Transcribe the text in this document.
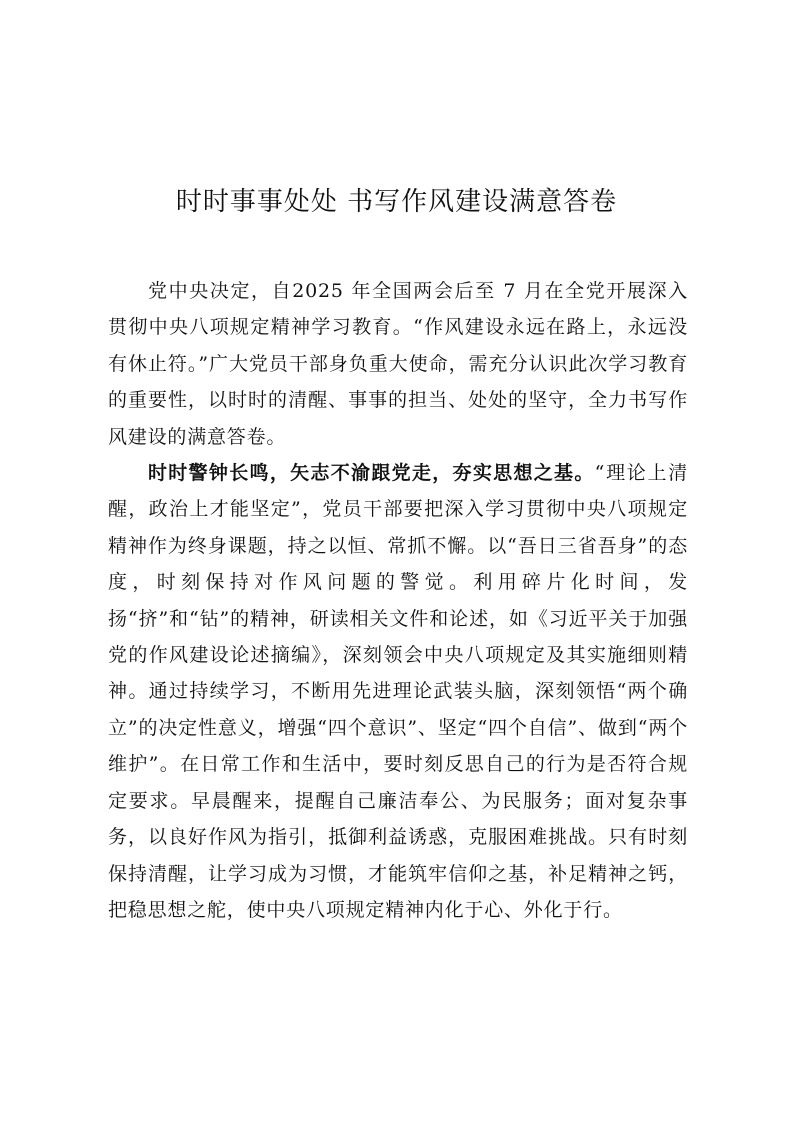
时时事事处处 书写作风建设满意答卷

党中央决定，自2025 年全国两会后至 7 月在全党开展深入贯彻中央八项规定精神学习教育。“作风建设永远在路上，永远没有休止符。”广大党员干部身负重大使命，需充分认识此次学习教育的重要性，以时时的清醒、事事的担当、处处的坚守，全力书写作风建设的满意答卷。

时时警钟长鸣，矢志不渝跟党走，夯实思想之基。“理论上清醒，政治上才能坚定”，党员干部要把深入学习贯彻中央八项规定精神作为终身课题，持之以恒、常抓不懈。以“吾日三省吾身”的态度，时刻保持对作风问题的警觉。利用碎片化时间，发扬“挤”和“钻”的精神，研读相关文件和论述，如《习近平关于加强党的作风建设论述摘编》，深刻领会中央八项规定及其实施细则精神。通过持续学习，不断用先进理论武装头脑，深刻领悟“两个确立”的决定性意义，增强“四个意识”、坚定“四个自信”、做到“两个维护”。在日常工作和生活中，要时刻反思自己的行为是否符合规定要求。早晨醒来，提醒自己廉洁奉公、为民服务；面对复杂事务，以良好作风为指引，抵御利益诱惑，克服困难挑战。只有时刻保持清醒，让学习成为习惯，才能筑牢信仰之基，补足精神之钙，把稳思想之舵，使中央八项规定精神内化于心、外化于行。
